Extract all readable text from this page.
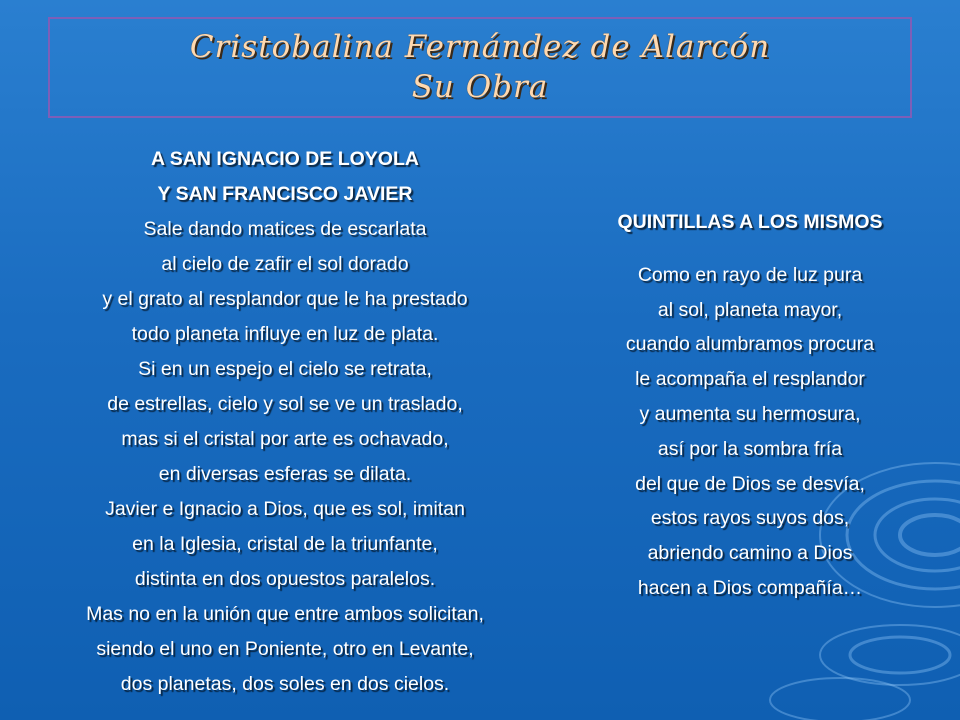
Cristobalina Fernández de Alarcón
Su Obra
A SAN IGNACIO DE LOYOLA
Y SAN FRANCISCO JAVIER
Sale dando matices de escarlata
al cielo de zafir el sol dorado
y el grato al resplandor que le ha prestado
todo planeta influye en luz de plata.
Si en un espejo el cielo se retrata,
de estrellas, cielo y sol se ve un traslado,
mas si el cristal por arte es ochavado,
en diversas esferas se dilata.
Javier e Ignacio a Dios, que es sol, imitan
en la Iglesia, cristal de la triunfante,
distinta en dos opuestos paralelos.
Mas no en la unión que entre ambos solicitan,
siendo el uno en Poniente, otro en Levante,
dos planetas, dos soles en dos cielos.
QUINTILLAS A LOS MISMOS
Como en rayo de luz pura
al sol, planeta mayor,
cuando alumbramos procura
le acompaña el resplandor
y aumenta su hermosura,
así por la sombra fría
del que de Dios se desvía,
estos rayos suyos dos,
abriendo camino a Dios
hacen a Dios compañía…
